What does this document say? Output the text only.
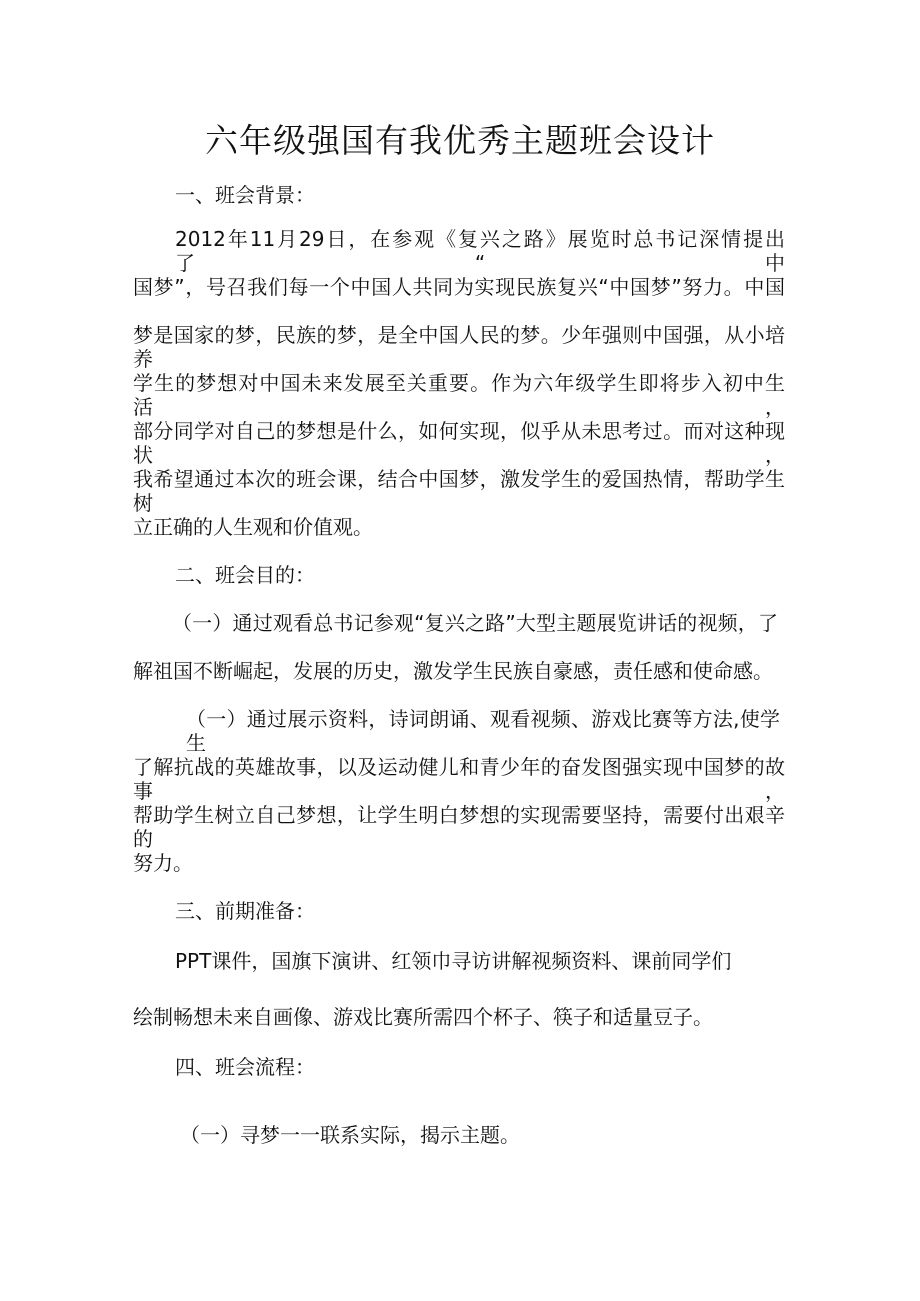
六年级强国有我优秀主题班会设计
一、班会背景：
2012年11月29日，在参观《复兴之路》展览时总书记深情提出了“中
国梦”，号召我们每一个中国人共同为实现民族复兴“中国梦”努力。中国
梦是国家的梦，民族的梦，是全中国人民的梦。少年强则中国强，从小培养
学生的梦想对中国未来发展至关重要。作为六年级学生即将步入初中生活，
部分同学对自己的梦想是什么，如何实现，似乎从未思考过。而对这种现状，
我希望通过本次的班会课，结合中国梦，激发学生的爱国热情，帮助学生树
立正确的人生观和价值观。
二、班会目的：
（一）通过观看总书记参观“复兴之路”大型主题展览讲话的视频，了
解祖国不断崛起，发展的历史，激发学生民族自豪感，责任感和使命感。
（一）通过展示资料，诗词朗诵、观看视频、游戏比赛等方法,使学生
了解抗战的英雄故事，以及运动健儿和青少年的奋发图强实现中国梦的故事，
帮助学生树立自己梦想，让学生明白梦想的实现需要坚持，需要付出艰辛的
努力。
三、前期准备：
PPT课件，国旗下演讲、红领巾寻访讲解视频资料、课前同学们
绘制畅想未来自画像、游戏比赛所需四个杯子、筷子和适量豆子。
四、班会流程：
（一）寻梦一一联系实际，揭示主题。
